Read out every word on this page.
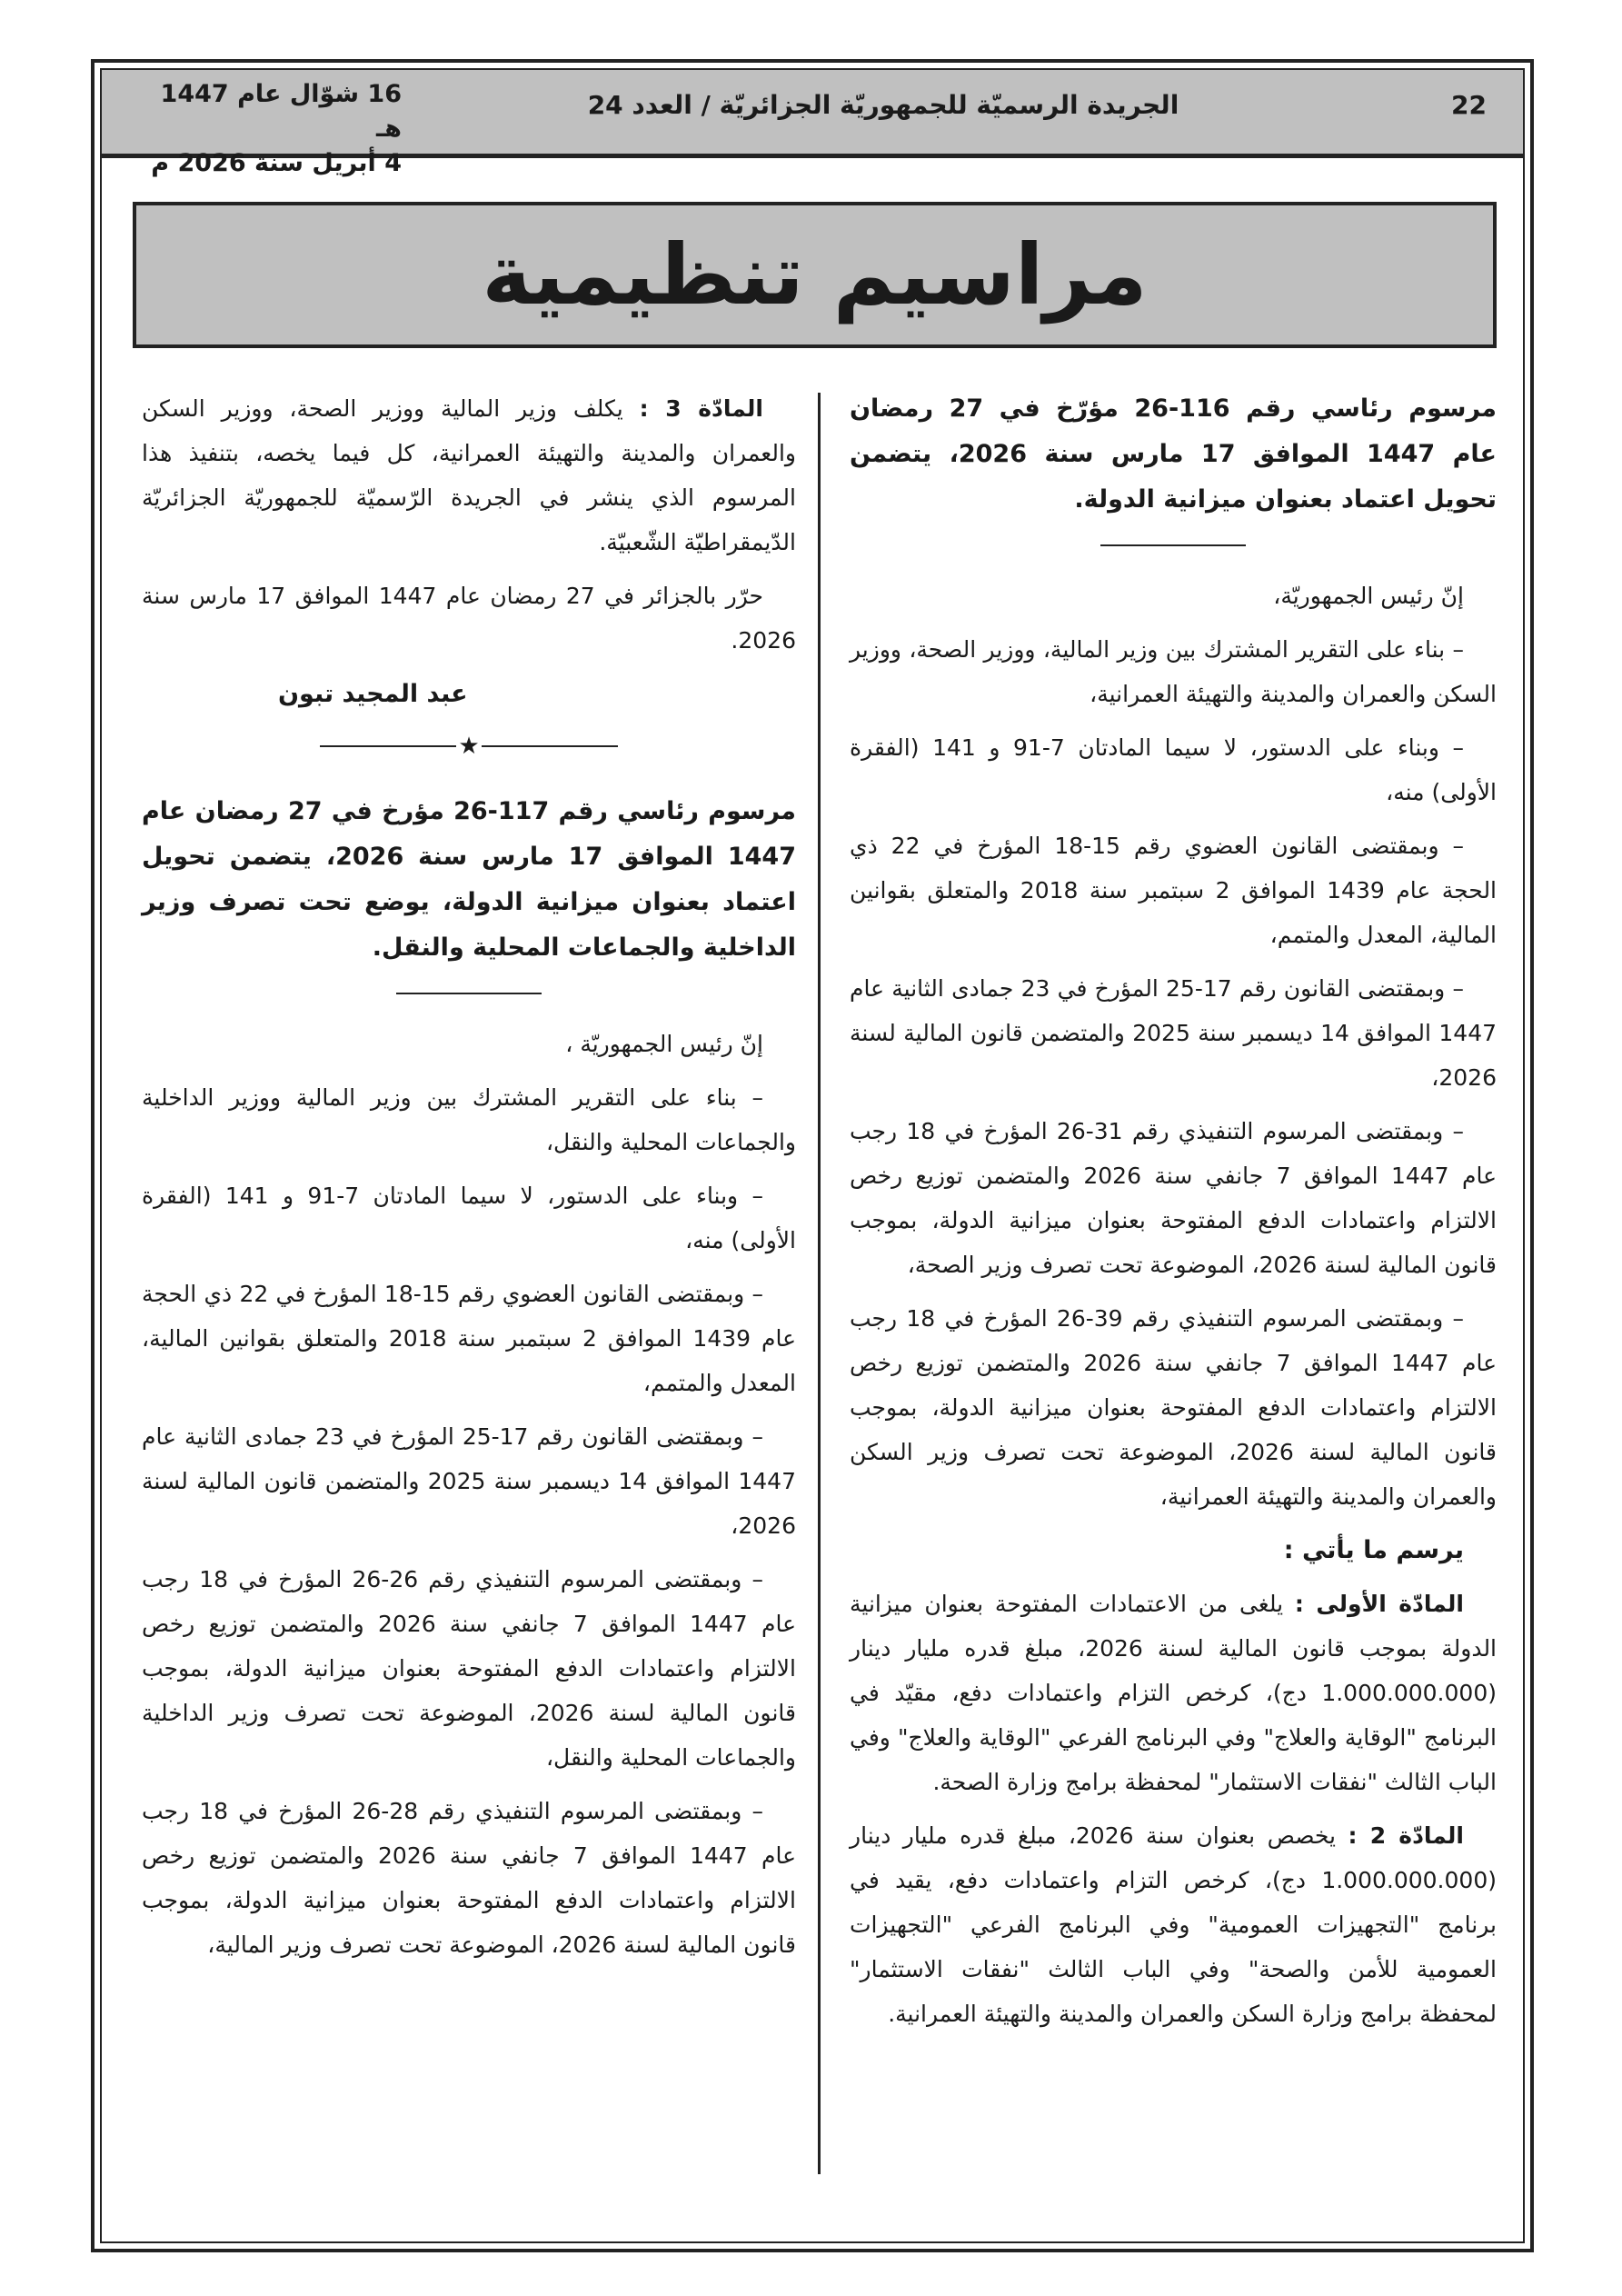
22
الجريدة الرسميّة للجمهوريّة الجزائريّة / العدد 24
16 شوّال عام 1447 هـ
4 أبريل سنة 2026 م
مراسيم تنظيمية

مرسوم رئاسي رقم 116-26 مؤرّخ في 27 رمضان عام 1447 الموافق 17 مارس سنة 2026، يتضمن تحويل اعتماد بعنوان ميزانية الدولة.

إنّ رئيس الجمهوريّة،

– بناء على التقرير المشترك بين وزير المالية، ووزير الصحة، ووزير السكن والعمران والمدينة والتهيئة العمرانية،

– وبناء على الدستور، لا سيما المادتان 7-91 و 141 (الفقرة الأولى) منه،

– وبمقتضى القانون العضوي رقم 15-18 المؤرخ في 22 ذي الحجة عام 1439 الموافق 2 سبتمبر سنة 2018 والمتعلق بقوانين المالية، المعدل والمتمم،

– وبمقتضى القانون رقم 17-25 المؤرخ في 23 جمادى الثانية عام 1447 الموافق 14 ديسمبر سنة 2025 والمتضمن قانون المالية لسنة 2026،

– وبمقتضى المرسوم التنفيذي رقم 31-26 المؤرخ في 18 رجب عام 1447 الموافق 7 جانفي سنة 2026 والمتضمن توزيع رخص الالتزام واعتمادات الدفع المفتوحة بعنوان ميزانية الدولة، بموجب قانون المالية لسنة 2026، الموضوعة تحت تصرف وزير الصحة،

– وبمقتضى المرسوم التنفيذي رقم 39-26 المؤرخ في 18 رجب عام 1447 الموافق 7 جانفي سنة 2026 والمتضمن توزيع رخص الالتزام واعتمادات الدفع المفتوحة بعنوان ميزانية الدولة، بموجب قانون المالية لسنة 2026، الموضوعة تحت تصرف وزير السكن والعمران والمدينة والتهيئة العمرانية،

يرسم ما يأتي :

المادّة الأولى : يلغى من الاعتمادات المفتوحة بعنوان ميزانية الدولة بموجب قانون المالية لسنة 2026، مبلغ قدره مليار دينار (1.000.000.000 دج)، كرخص التزام واعتمادات دفع، مقيّد في البرنامج "الوقاية والعلاج" وفي البرنامج الفرعي "الوقاية والعلاج" وفي الباب الثالث "نفقات الاستثمار" لمحفظة برامج وزارة الصحة.

المادّة 2 : يخصص بعنوان سنة 2026، مبلغ قدره مليار دينار (1.000.000.000 دج)، كرخص التزام واعتمادات دفع، يقيد في برنامج "التجهيزات العمومية" وفي البرنامج الفرعي "التجهيزات العمومية للأمن والصحة" وفي الباب الثالث "نفقات الاستثمار" لمحفظة برامج وزارة السكن والعمران والمدينة والتهيئة العمرانية.

المادّة 3 : يكلف وزير المالية ووزير الصحة، ووزير السكن والعمران والمدينة والتهيئة العمرانية، كل فيما يخصه، بتنفيذ هذا المرسوم الذي ينشر في الجريدة الرّسميّة للجمهوريّة الجزائريّة الدّيمقراطيّة الشّعبيّة.

حرّر بالجزائر في 27 رمضان عام 1447 الموافق 17 مارس سنة 2026.

عبد المجيد تبون

★

مرسوم رئاسي رقم 117-26 مؤرخ في 27 رمضان عام 1447 الموافق 17 مارس سنة 2026، يتضمن تحويل اعتماد بعنوان ميزانية الدولة، يوضع تحت تصرف وزير الداخلية والجماعات المحلية والنقل.

إنّ رئيس الجمهوريّة ،

– بناء على التقرير المشترك بين وزير المالية ووزير الداخلية والجماعات المحلية والنقل،

– وبناء على الدستور، لا سيما المادتان 7-91 و 141 (الفقرة الأولى) منه،

– وبمقتضى القانون العضوي رقم 15-18 المؤرخ في 22 ذي الحجة عام 1439 الموافق 2 سبتمبر سنة 2018 والمتعلق بقوانين المالية، المعدل والمتمم،

– وبمقتضى القانون رقم 17-25 المؤرخ في 23 جمادى الثانية عام 1447 الموافق 14 ديسمبر سنة 2025 والمتضمن قانون المالية لسنة 2026،

– وبمقتضى المرسوم التنفيذي رقم 26-26 المؤرخ في 18 رجب عام 1447 الموافق 7 جانفي سنة 2026 والمتضمن توزيع رخص الالتزام واعتمادات الدفع المفتوحة بعنوان ميزانية الدولة، بموجب قانون المالية لسنة 2026، الموضوعة تحت تصرف وزير الداخلية والجماعات المحلية والنقل،

– وبمقتضى المرسوم التنفيذي رقم 28-26 المؤرخ في 18 رجب عام 1447 الموافق 7 جانفي سنة 2026 والمتضمن توزيع رخص الالتزام واعتمادات الدفع المفتوحة بعنوان ميزانية الدولة، بموجب قانون المالية لسنة 2026، الموضوعة تحت تصرف وزير المالية،
